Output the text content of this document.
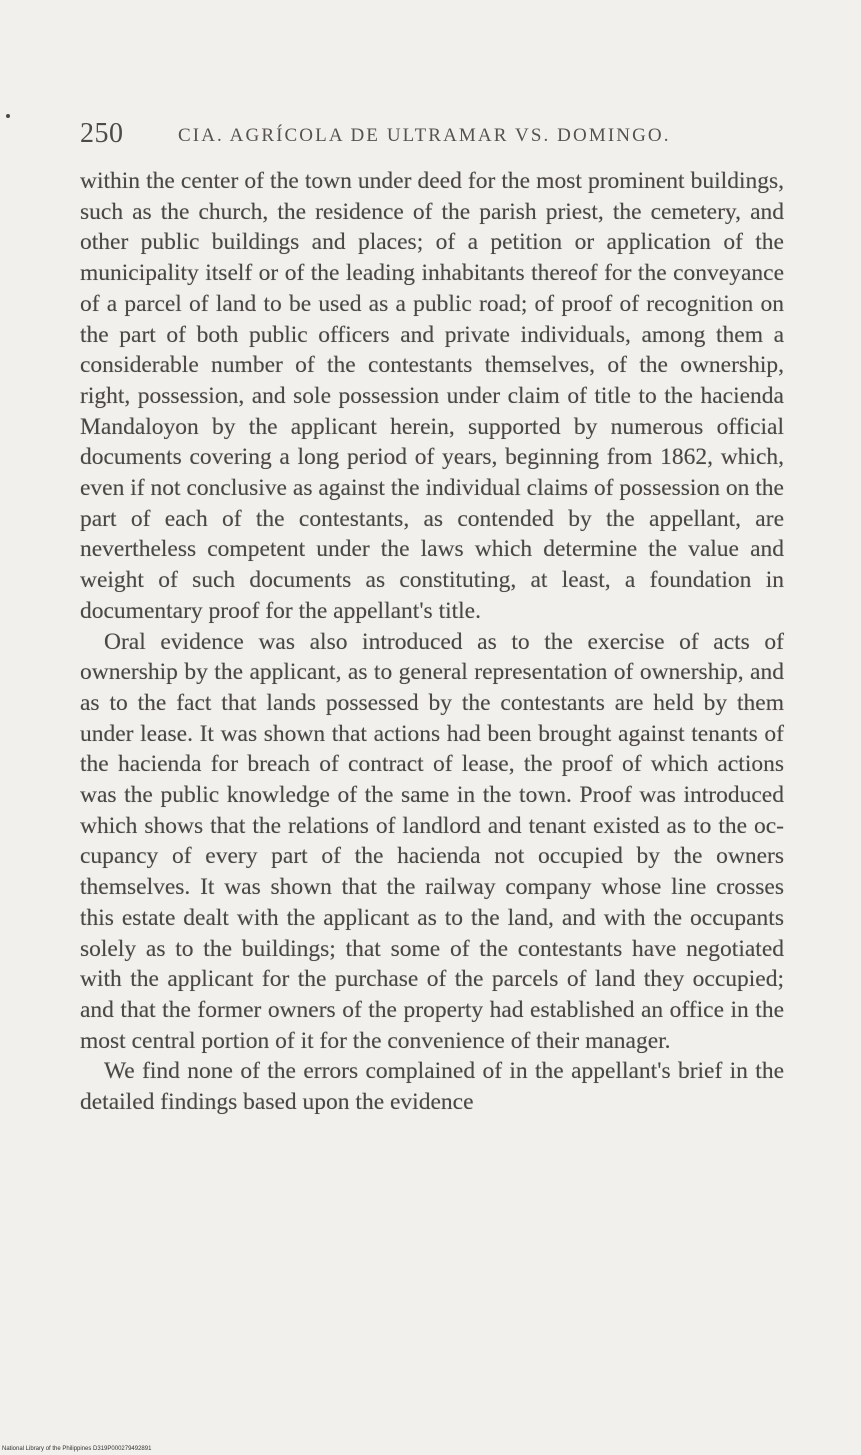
250	CIA. AGRÍCOLA DE ULTRAMAR VS. DOMINGO.

within the center of the town under deed for the most prominent buildings, such as the church, the residence of the parish priest, the cemetery, and other public buildings and places; of a petition or application of the municipality itself or of the leading inhabitants thereof for the conveyance of a parcel of land to be used as a public road; of proof of recognition on the part of both public officers and private individuals, among them a considerable number of the contestants themselves, of the ownership, right, possession, and sole possession under claim of title to the hacienda Mandaloyon by the applicant herein, supported by numerous official documents covering a long period of years, beginning from 1862, which, even if not conclusive as against the individual claims of possession on the part of each of the contestants, as contended by the appellant, are nevertheless competent under the laws which determine the value and weight of such documents as constituting, at least, a foundation in documentary proof for the appellant's title.

Oral evidence was also introduced as to the exercise of acts of ownership by the applicant, as to general representation of ownership, and as to the fact that lands possessed by the contestants are held by them under lease. It was shown that actions had been brought against tenants of the hacienda for breach of contract of lease, the proof of which actions was the public knowledge of the same in the town. Proof was introduced which shows that the relations of landlord and tenant existed as to the occupancy of every part of the hacienda not occupied by the owners themselves. It was shown that the railway company whose line crosses this estate dealt with the applicant as to the land, and with the occupants solely as to the buildings; that some of the contestants have negotiated with the applicant for the purchase of the parcels of land they occupied; and that the former owners of the property had established an office in the most central portion of it for the convenience of their manager.

We find none of the errors complained of in the appellant's brief in the detailed findings based upon the evidence

National Library of the Philippines D319P000279492891
